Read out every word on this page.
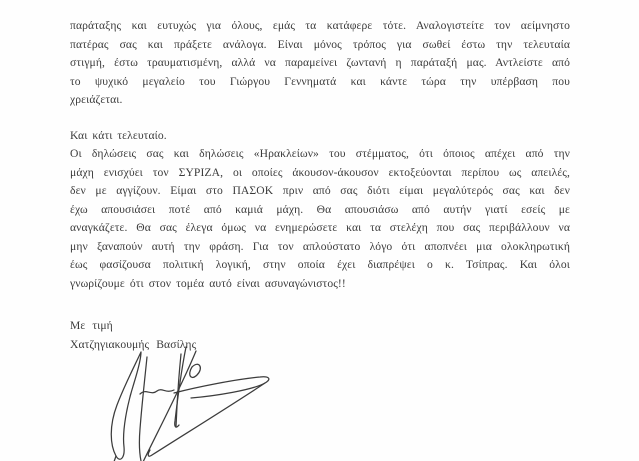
παράταξης και ευτυχώς για όλους, εμάς τα κατάφερε τότε. Αναλογιστείτε τον αείμνηστο
πατέρας σας και πράξετε ανάλογα. Είναι μόνος τρόπος για σωθεί έστω την τελευταία
στιγμή, έστω τραυματισμένη, αλλά να παραμείνει ζωντανή η παράταξή μας. Αντλείστε από
το ψυχικό μεγαλείο του Γιώργου Γεννηματά και κάντε τώρα την υπέρβαση που
χρειάζεται.
Και κάτι τελευταίο.
Οι δηλώσεις σας και δηλώσεις «Ηρακλείων» του στέμματος, ότι όποιος απέχει από την
μάχη ενισχύει τον ΣΥΡΙΖΑ, οι οποίες άκουσον-άκουσον εκτοξεύονται περίπου ως απειλές,
δεν με αγγίζουν. Είμαι στο ΠΑΣΟΚ πριν από σας διότι είμαι μεγαλύτερός σας και δεν
έχω απουσιάσει ποτέ από καμιά μάχη. Θα απουσιάσω από αυτήν γιατί εσείς με
αναγκάζετε. Θα σας έλεγα όμως να ενημερώσετε και τα στελέχη που σας περιβάλλουν να
μην ξαναπούν αυτή την φράση. Για τον απλούστατο λόγο ότι αποπνέει μια ολοκληρωτική
έως φασίζουσα πολιτική λογική, στην οποία έχει διαπρέψει ο κ. Τσίπρας. Και όλοι
γνωρίζουμε ότι στον τομέα αυτό είναι ασυναγώνιστος!!
Με τιμή
Χατζηγιακουμής Βασίλης
